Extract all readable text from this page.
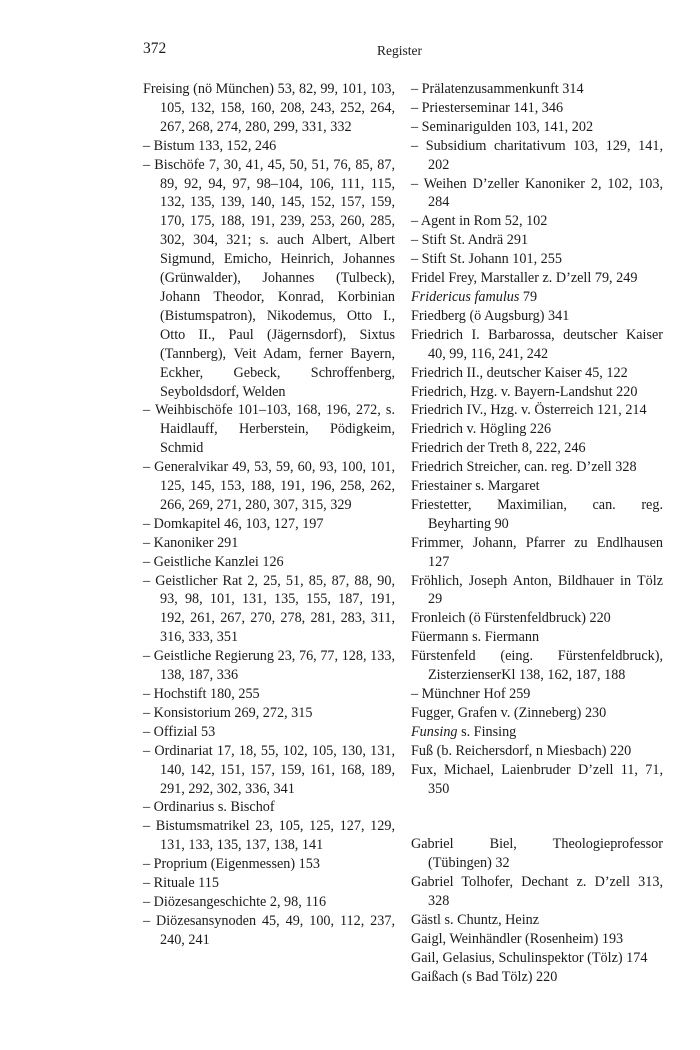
372	Register
Freising (nö München) 53, 82, 99, 101, 103, 105, 132, 158, 160, 208, 243, 252, 264, 267, 268, 274, 280, 299, 331, 332
– Bistum 133, 152, 246
– Bischöfe 7, 30, 41, 45, 50, 51, 76, 85, 87, 89, 92, 94, 97, 98–104, 106, 111, 115, 132, 135, 139, 140, 145, 152, 157, 159, 170, 175, 188, 191, 239, 253, 260, 285, 302, 304, 321; s. auch Albert, Albert Sigmund, Emicho, Heinrich, Johannes (Grünwalder), Johannes (Tulbeck), Johann Theodor, Konrad, Korbinian (Bistumspatron), Nikodemus, Otto I., Otto II., Paul (Jägernsdorf), Sixtus (Tannberg), Veit Adam, ferner Bayern, Eckher, Gebeck, Schroffenberg, Seyboldsdorf, Welden
– Weihbischöfe 101–103, 168, 196, 272, s. Haidlauff, Herberstein, Pödigkeim, Schmid
– Generalvikar 49, 53, 59, 60, 93, 100, 101, 125, 145, 153, 188, 191, 196, 258, 262, 266, 269, 271, 280, 307, 315, 329
– Domkapitel 46, 103, 127, 197
– Kanoniker 291
– Geistliche Kanzlei 126
– Geistlicher Rat 2, 25, 51, 85, 87, 88, 90, 93, 98, 101, 131, 135, 155, 187, 191, 192, 261, 267, 270, 278, 281, 283, 311, 316, 333, 351
– Geistliche Regierung 23, 76, 77, 128, 133, 138, 187, 336
– Hochstift 180, 255
– Konsistorium 269, 272, 315
– Offizial 53
– Ordinariat 17, 18, 55, 102, 105, 130, 131, 140, 142, 151, 157, 159, 161, 168, 189, 291, 292, 302, 336, 341
– Ordinarius s. Bischof
– Bistumsmatrikel 23, 105, 125, 127, 129, 131, 133, 135, 137, 138, 141
– Proprium (Eigenmessen) 153
– Rituale 115
– Diözesangeschichte 2, 98, 116
– Diözesansynoden 45, 49, 100, 112, 237, 240, 241
– Prälatenzusammenkunft 314
– Priesterseminar 141, 346
– Seminarigulden 103, 141, 202
– Subsidium charitativum 103, 129, 141, 202
– Weihen D’zeller Kanoniker 2, 102, 103, 284
– Agent in Rom 52, 102
– Stift St. Andrä 291
– Stift St. Johann 101, 255
Fridel Frey, Marstaller z. D’zell 79, 249
Fridericus famulus 79
Friedberg (ö Augsburg) 341
Friedrich I. Barbarossa, deutscher Kaiser 40, 99, 116, 241, 242
Friedrich II., deutscher Kaiser 45, 122
Friedrich, Hzg. v. Bayern-Landshut 220
Friedrich IV., Hzg. v. Österreich 121, 214
Friedrich v. Högling 226
Friedrich der Treth 8, 222, 246
Friedrich Streicher, can. reg. D’zell 328
Friestainer s. Margaret
Friestetter, Maximilian, can. reg. Beyharting 90
Frimmer, Johann, Pfarrer zu Endlhausen 127
Fröhlich, Joseph Anton, Bildhauer in Tölz 29
Fronleich (ö Fürstenfeldbruck) 220
Füermann s. Fiermann
Fürstenfeld (eing. Fürstenfeldbruck), ZisterzienserKl 138, 162, 187, 188
– Münchner Hof 259
Fugger, Grafen v. (Zinneberg) 230
Funsing s. Finsing
Fuß (b. Reichersdorf, n Miesbach) 220
Fux, Michael, Laienbruder D’zell 11, 71, 350
Gabriel Biel, Theologieprofessor (Tübingen) 32
Gabriel Tolhofer, Dechant z. D’zell 313, 328
Gästl s. Chuntz, Heinz
Gaigl, Weinhändler (Rosenheim) 193
Gail, Gelasius, Schulinspektor (Tölz) 174
Gaißach (s Bad Tölz) 220
